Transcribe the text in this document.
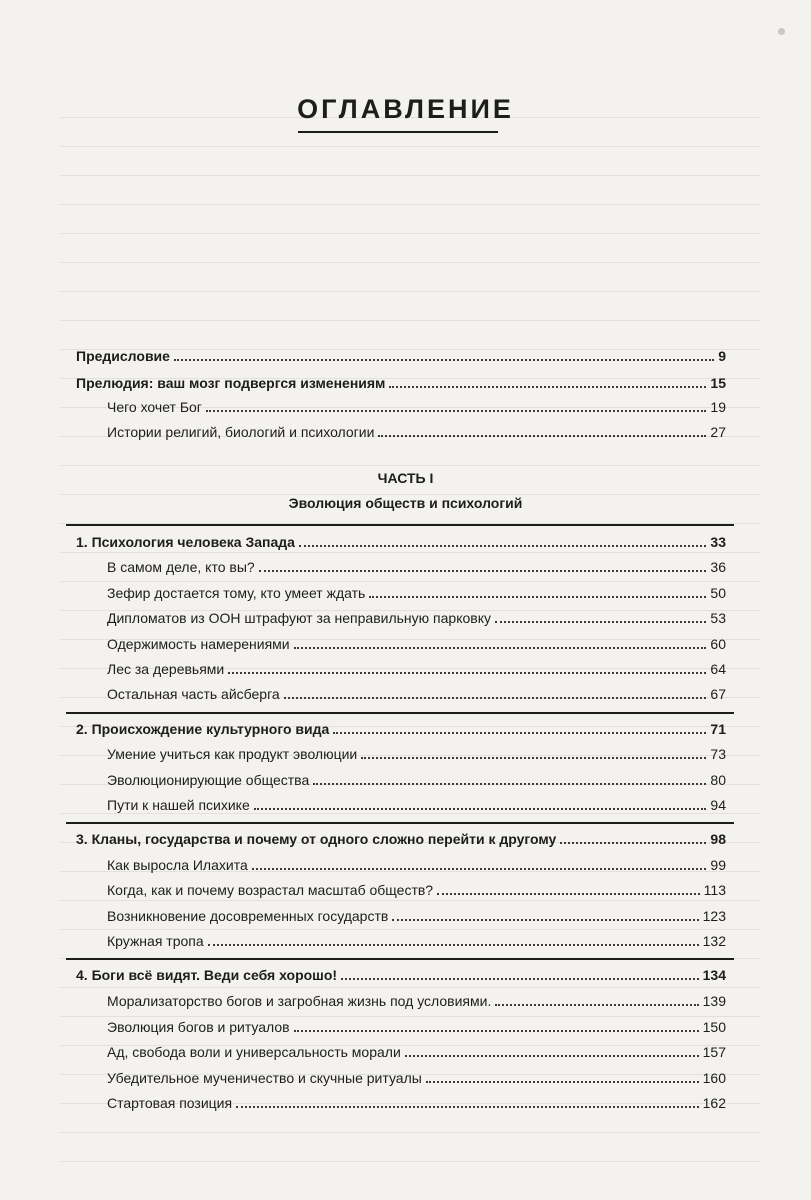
ОГЛАВЛЕНИЕ
Предисловие	9
Прелюдия: ваш мозг подвергся изменениям	15
Чего хочет Бог	19
Истории религий, биологий и психологии	27
ЧАСТЬ I
Эволюция обществ и психологий
1. Психология человека Запада	33
В самом деле, кто вы?	36
Зефир достается тому, кто умеет ждать	50
Дипломатов из ООН штрафуют за неправильную парковку	53
Одержимость намерениями	60
Лес за деревьями	64
Остальная часть айсберга	67
2. Происхождение культурного вида	71
Умение учиться как продукт эволюции	73
Эволюционирующие общества	80
Пути к нашей психике	94
3. Кланы, государства и почему от одного сложно перейти к другому	98
Как выросла Илахита	99
Когда, как и почему возрастал масштаб обществ?	113
Возникновение досовременных государств	123
Кружная тропа	132
4. Боги всё видят. Веди себя хорошо!	134
Морализаторство богов и загробная жизнь под условиями.	139
Эволюция богов и ритуалов	150
Ад, свобода воли и универсальность морали	157
Убедительное мученичество и скучные ритуалы	160
Стартовая позиция	162
